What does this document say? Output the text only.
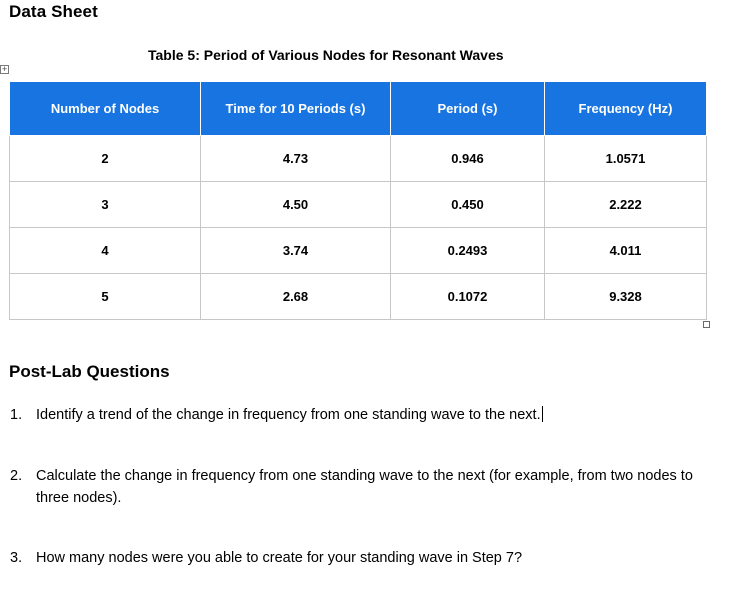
Data Sheet
Table 5: Period of Various Nodes for Resonant Waves
+
Number of Nodes	Time for 10 Periods (s)	Period (s)	Frequency (Hz)
2	4.73	0.946	1.0571
3	4.50	0.450	2.222
4	3.74	0.2493	4.011
5	2.68	0.1072	9.328
Post-Lab Questions
1. Identify a trend of the change in frequency from one standing wave to the next.
2. Calculate the change in frequency from one standing wave to the next (for example, from two nodes to three nodes).
3. How many nodes were you able to create for your standing wave in Step 7?
